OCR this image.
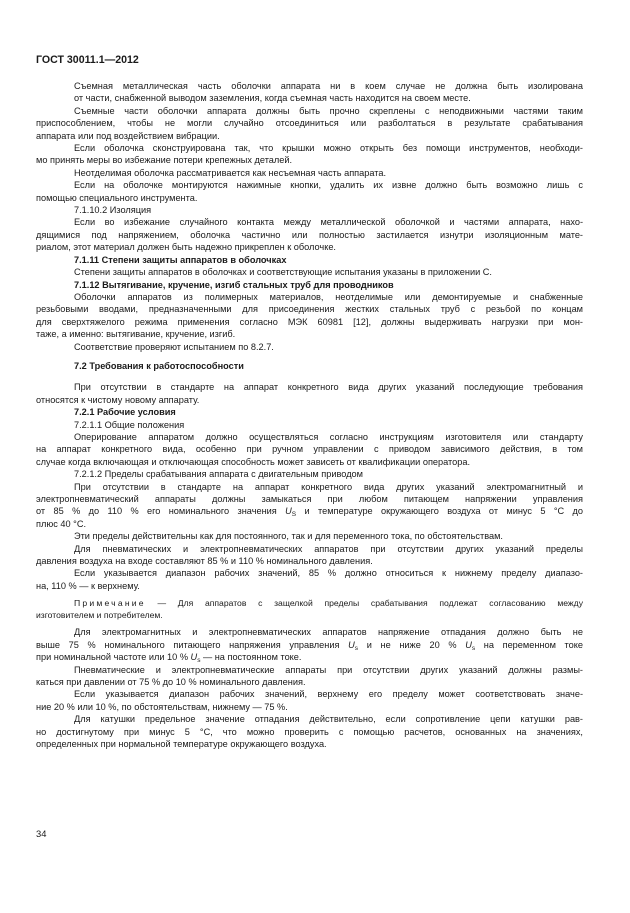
ГОСТ 30011.1—2012

Съемная металлическая часть оболочки аппарата ни в коем случае не должна быть изолирована
от части, снабженной выводом заземления, когда съемная часть находится на своем месте.

Съемные части оболочки аппарата должны быть прочно скреплены с неподвижными частями таким
приспособлением, чтобы не могли случайно отсоединиться или разболтаться в результате срабатывания
аппарата или под воздействием вибрации.

Если оболочка сконструирована так, что крышки можно открыть без помощи инструментов, необходи-
мо принять меры во избежание потери крепежных деталей.

Неотделимая оболочка рассматривается как несъемная часть аппарата.

Если на оболочке монтируются нажимные кнопки, удалить их извне должно быть возможно лишь с
помощью специального инструмента.

7.1.10.2 Изоляция

Если во избежание случайного контакта между металлической оболочкой и частями аппарата, нахо-
дящимися под напряжением, оболочка частично или полностью застилается изнутри изоляционным мате-
риалом, этот материал должен быть надежно прикреплен к оболочке.

7.1.11 Степени защиты аппаратов в оболочках

Степени защиты аппаратов в оболочках и соответствующие испытания указаны в приложении С.

7.1.12 Вытягивание, кручение, изгиб стальных труб для проводников

Оболочки аппаратов из полимерных материалов, неотделимые или демонтируемые и снабженные
резьбовыми вводами, предназначенными для присоединения жестких стальных труб с резьбой по концам
для сверхтяжелого режима применения согласно МЭК 60981 [12], должны выдерживать нагрузки при мон-
таже, а именно: вытягивание, кручение, изгиб.

Соответствие проверяют испытанием по 8.2.7.

7.2 Требования к работоспособности

При отсутствии в стандарте на аппарат конкретного вида других указаний последующие требования
относятся к чистому новому аппарату.

7.2.1 Рабочие условия

7.2.1.1 Общие положения

Оперирование аппаратом должно осуществляться согласно инструкциям изготовителя или стандарту
на аппарат конкретного вида, особенно при ручном управлении с приводом зависимого действия, в том
случае когда включающая и отключающая способность может зависеть от квалификации оператора.

7.2.1.2 Пределы срабатывания аппарата с двигательным приводом

При отсутствии в стандарте на аппарат конкретного вида других указаний электромагнитный и
электропневматический аппараты должны замыкаться при любом питающем напряжении управления
от 85 % до 110 % его номинального значения $U_S$ и температуре окружающего воздуха от минус 5 °С до
плюс 40 °С.

Эти пределы действительны как для постоянного, так и для переменного тока, по обстоятельствам.

Для пневматических и электропневматических аппаратов при отсутствии других указаний пределы
давления воздуха на входе составляют 85 % и 110 % номинального давления.

Если указывается диапазон рабочих значений, 85 % должно относиться к нижнему пределу диапазо-
на, 110 % — к верхнему.

Примечание — Для аппаратов с защелкой пределы срабатывания подлежат согласованию между
изготовителем и потребителем.

Для электромагнитных и электропневматических аппаратов напряжение отпадания должно быть не
выше 75 % номинального питающего напряжения управления $U_s$ и не ниже 20 % $U_s$ на переменном токе
при номинальной частоте или 10 % $U_s$ — на постоянном токе.

Пневматические и электропневматические аппараты при отсутствии других указаний должны размы-
каться при давлении от 75 % до 10 % номинального давления.

Если указывается диапазон рабочих значений, верхнему его пределу может соответствовать значе-
ние 20 % или 10 %, по обстоятельствам, нижнему — 75 %.

Для катушки предельное значение отпадания действительно, если сопротивление цепи катушки рав-
но достигнутому при минус 5 °С, что можно проверить с помощью расчетов, основанных на значениях,
определенных при нормальной температуре окружающего воздуха.

34
